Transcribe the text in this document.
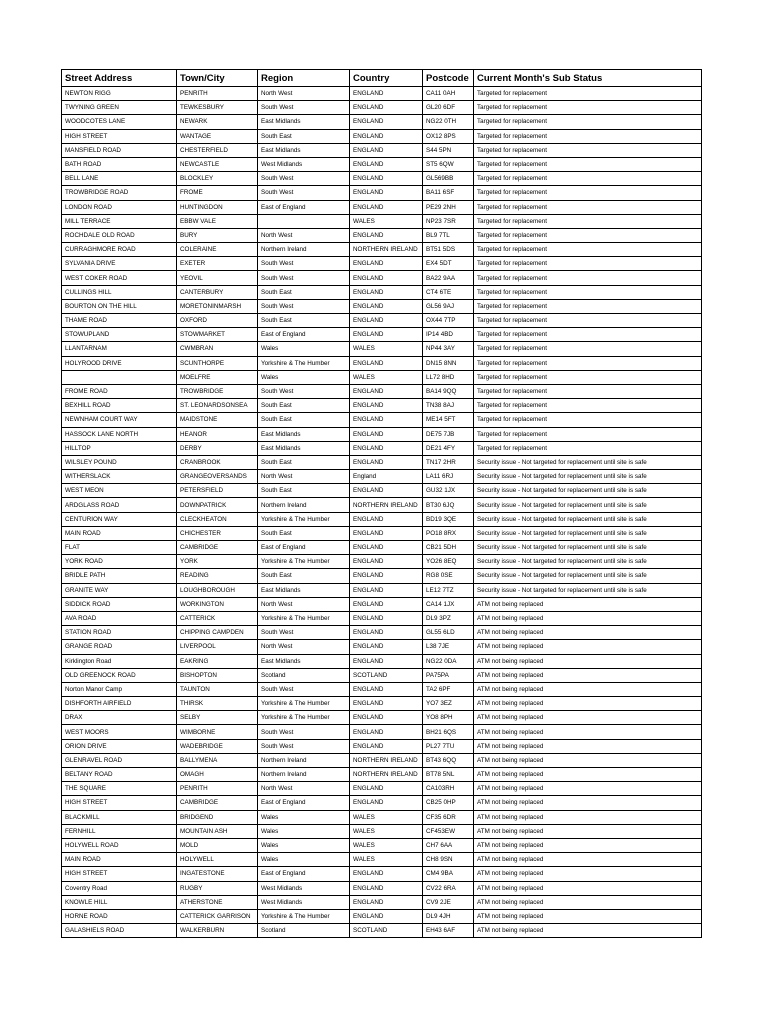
Street Address	Town/City	Region	Country	Postcode	Current Month's Sub Status
NEWTON RIGG	PENRITH	North West	ENGLAND	CA11 0AH	Targeted for replacement
TWYNING GREEN	TEWKESBURY	South West	ENGLAND	GL20 6DF	Targeted for replacement
WOODCOTES LANE	NEWARK	East Midlands	ENGLAND	NG22 0TH	Targeted for replacement
HIGH STREET	WANTAGE	South East	ENGLAND	OX12 8PS	Targeted for replacement
MANSFIELD ROAD	CHESTERFIELD	East Midlands	ENGLAND	S44 5PN	Targeted for replacement
BATH ROAD	NEWCASTLE	West Midlands	ENGLAND	ST5 6QW	Targeted for replacement
BELL LANE	BLOCKLEY	South West	ENGLAND	GL569BB	Targeted for replacement
TROWBRIDGE ROAD	FROME	South West	ENGLAND	BA11 6SF	Targeted for replacement
LONDON ROAD	HUNTINGDON	East of England	ENGLAND	PE29 2NH	Targeted for replacement
MILL TERRACE	EBBW VALE		WALES	NP23 7SR	Targeted for replacement
ROCHDALE OLD ROAD	BURY	North West	ENGLAND	BL9 7TL	Targeted for replacement
CURRAGHMORE ROAD	COLERAINE	Northern Ireland	NORTHERN IRELAND	BT51 5DS	Targeted for replacement
SYLVANIA DRIVE	EXETER	South West	ENGLAND	EX4 5DT	Targeted for replacement
WEST COKER ROAD	YEOVIL	South West	ENGLAND	BA22 9AA	Targeted for replacement
CULLINGS HILL	CANTERBURY	South East	ENGLAND	CT4 6TE	Targeted for replacement
BOURTON ON THE HILL	MORETONINMARSH	South West	ENGLAND	GL56 9AJ	Targeted for replacement
THAME ROAD	OXFORD	South East	ENGLAND	OX44 7TP	Targeted for replacement
STOWUPLAND	STOWMARKET	East of England	ENGLAND	IP14 4BD	Targeted for replacement
LLANTARNAM	CWMBRAN	Wales	WALES	NP44 3AY	Targeted for replacement
HOLYROOD DRIVE	SCUNTHORPE	Yorkshire & The Humber	ENGLAND	DN15 8NN	Targeted for replacement
	MOELFRE	Wales	WALES	LL72 8HD	Targeted for replacement
FROME ROAD	TROWBRIDGE	South West	ENGLAND	BA14 9QQ	Targeted for replacement
BEXHILL ROAD	ST. LEONARDSONSEA	South East	ENGLAND	TN38 8AJ	Targeted for replacement
NEWNHAM COURT WAY	MAIDSTONE	South East	ENGLAND	ME14 5FT	Targeted for replacement
HASSOCK LANE NORTH	HEANOR	East Midlands	ENGLAND	DE75 7JB	Targeted for replacement
HILLTOP	DERBY	East Midlands	ENGLAND	DE21 4FY	Targeted for replacement
WILSLEY POUND	CRANBROOK	South East	ENGLAND	TN17 2HR	Security issue - Not targeted for replacement until site is safe
WITHERSLACK	GRANGEOVERSANDS	North West	England	LA11 6RJ	Security issue - Not targeted for replacement until site is safe
WEST MEON	PETERSFIELD	South East	ENGLAND	GU32 1JX	Security issue - Not targeted for replacement until site is safe
ARDGLASS ROAD	DOWNPATRICK	Northern Ireland	NORTHERN IRELAND	BT30 6JQ	Security issue - Not targeted for replacement until site is safe
CENTURION WAY	CLECKHEATON	Yorkshire & The Humber	ENGLAND	BD19 3QE	Security issue - Not targeted for replacement until site is safe
MAIN ROAD	CHICHESTER	South East	ENGLAND	PO18 8RX	Security issue - Not targeted for replacement until site is safe
FLAT	CAMBRIDGE	East of England	ENGLAND	CB21 5DH	Security issue - Not targeted for replacement until site is safe
YORK ROAD	YORK	Yorkshire & The Humber	ENGLAND	YO26 8EQ	Security issue - Not targeted for replacement until site is safe
BRIDLE PATH	READING	South East	ENGLAND	RG8 0SE	Security issue - Not targeted for replacement until site is safe
GRANITE WAY	LOUGHBOROUGH	East Midlands	ENGLAND	LE12 7TZ	Security issue - Not targeted for replacement until site is safe
SIDDICK ROAD	WORKINGTON	North West	ENGLAND	CA14 1JX	ATM not being replaced
AVA ROAD	CATTERICK	Yorkshire & The Humber	ENGLAND	DL9 3PZ	ATM not being replaced
STATION ROAD	CHIPPING CAMPDEN	South West	ENGLAND	GL55 6LD	ATM not being replaced
GRANGE ROAD	LIVERPOOL	North West	ENGLAND	L38 7JE	ATM not being replaced
Kirklington Road	EAKRING	East Midlands	ENGLAND	NG22 0DA	ATM not being replaced
OLD GREENOCK ROAD	BISHOPTON	Scotland	SCOTLAND	PA75PA	ATM not being replaced
Norton Manor Camp	TAUNTON	South West	ENGLAND	TA2 6PF	ATM not being replaced
DISHFORTH AIRFIELD	THIRSK	Yorkshire & The Humber	ENGLAND	YO7 3EZ	ATM not being replaced
DRAX	SELBY	Yorkshire & The Humber	ENGLAND	YO8 8PH	ATM not being replaced
WEST MOORS	WIMBORNE	South West	ENGLAND	BH21 6QS	ATM not being replaced
ORION DRIVE	WADEBRIDGE	South West	ENGLAND	PL27 7TU	ATM not being replaced
GLENRAVEL ROAD	BALLYMENA	Northern Ireland	NORTHERN IRELAND	BT43 6QQ	ATM not being replaced
BELTANY ROAD	OMAGH	Northern Ireland	NORTHERN IRELAND	BT78 5NL	ATM not being replaced
THE SQUARE	PENRITH	North West	ENGLAND	CA103RH	ATM not being replaced
HIGH STREET	CAMBRIDGE	East of England	ENGLAND	CB25 0HP	ATM not being replaced
BLACKMILL	BRIDGEND	Wales	WALES	CF35 6DR	ATM not being replaced
FERNHILL	MOUNTAIN ASH	Wales	WALES	CF453EW	ATM not being replaced
HOLYWELL ROAD	MOLD	Wales	WALES	CH7 6AA	ATM not being replaced
MAIN ROAD	HOLYWELL	Wales	WALES	CH8 9SN	ATM not being replaced
HIGH STREET	INGATESTONE	East of England	ENGLAND	CM4 9BA	ATM not being replaced
Coventry Road	RUGBY	West Midlands	ENGLAND	CV22 6RA	ATM not being replaced
KNOWLE HILL	ATHERSTONE	West Midlands	ENGLAND	CV9 2JE	ATM not being replaced
HORNE ROAD	CATTERICK GARRISON	Yorkshire & The Humber	ENGLAND	DL9 4JH	ATM not being replaced
GALASHIELS ROAD	WALKERBURN	Scotland	SCOTLAND	EH43 6AF	ATM not being replaced
